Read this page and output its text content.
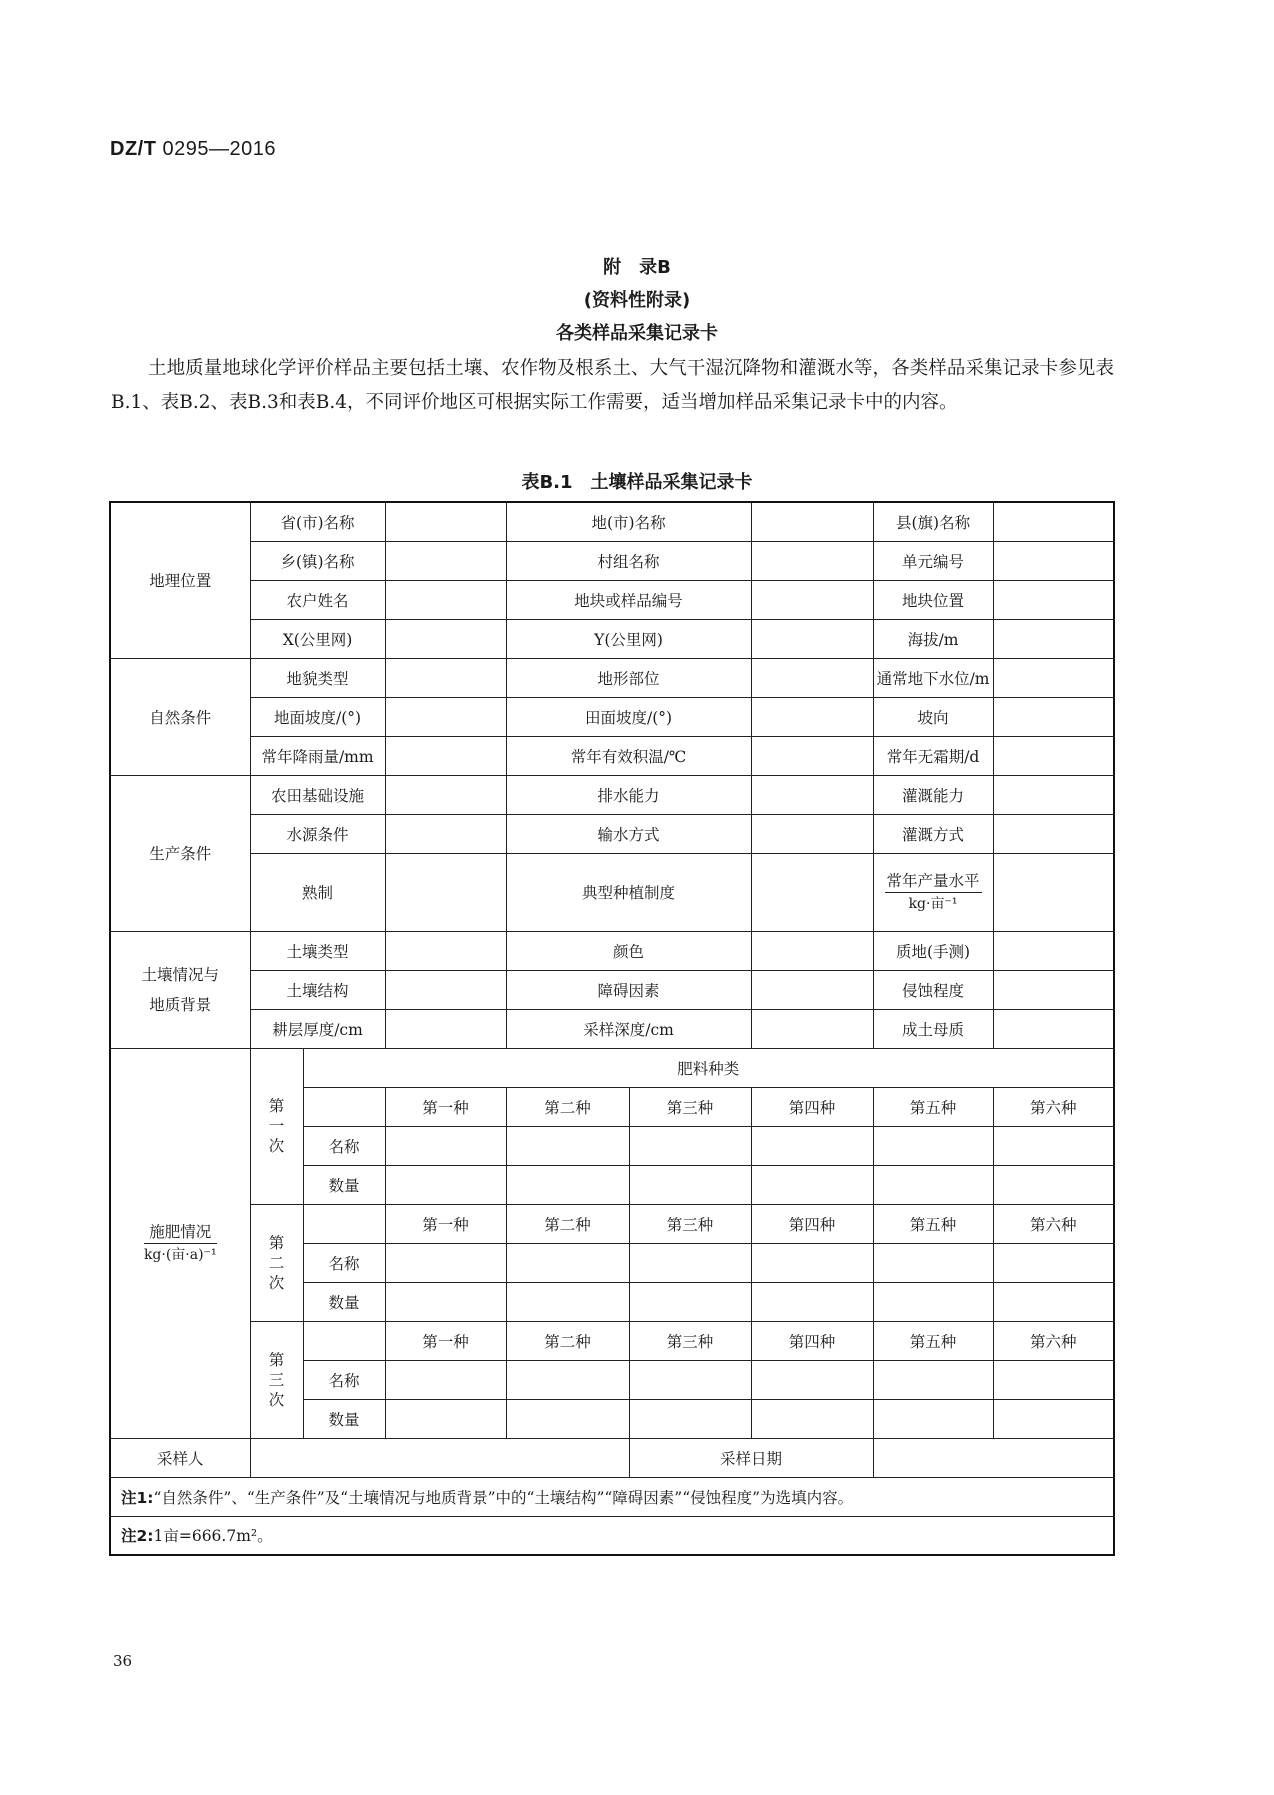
DZ/T 0295—2016
附　录B
(资料性附录)
各类样品采集记录卡
土地质量地球化学评价样品主要包括土壤、农作物及根系土、大气干湿沉降物和灌溉水等，各类样品采集记录卡参见表B.1、表B.2、表B.3和表B.4，不同评价地区可根据实际工作需要，适当增加样品采集记录卡中的内容。
表B.1　土壤样品采集记录卡
地理位置	省(市)名称			地(市)名称			县(旗)名称	
	乡(镇)名称			村组名称			单元编号	
	农户姓名			地块或样品编号			地块位置	
	X(公里网)			Y(公里网)			海拔/m	
自然条件	地貌类型			地形部位			通常地下水位/m	
	地面坡度/(°)			田面坡度/(°)			坡向	
	常年降雨量/mm			常年有效积温/℃			常年无霜期/d	
生产条件	农田基础设施			排水能力			灌溉能力	
	水源条件			输水方式			灌溉方式	
	熟制			典型种植制度			$\frac{\text{常年产量水平}}{\text{kg·亩⁻¹}}$

土壤情况与
地质背景	土壤类型			颜色			质地(手测)	
	土壤结构			障碍因素			侵蚀程度	
	耕层厚度/cm			采样深度/cm			成土母质	

$\frac{\text{施肥情况}}{\text{kg·(亩·a)⁻¹}}$	第
一
次	肥料种类						
			第一种	第二种	第三种	第四种	第五种	第六种
		名称						
		数量						

	第
二
次		第一种	第二种	第三种	第四种	第五种	第六种
		名称						
		数量						

	第
三
次		第一种	第二种	第三种	第四种	第五种	第六种
		名称						
		数量						
采样人					采样日期			
注1:“自然条件”、“生产条件”及“土壤情况与地质背景”中的“土壤结构”“障碍因素”“侵蚀程度”为选填内容。								
注2:1亩=666.7m²。								
36
